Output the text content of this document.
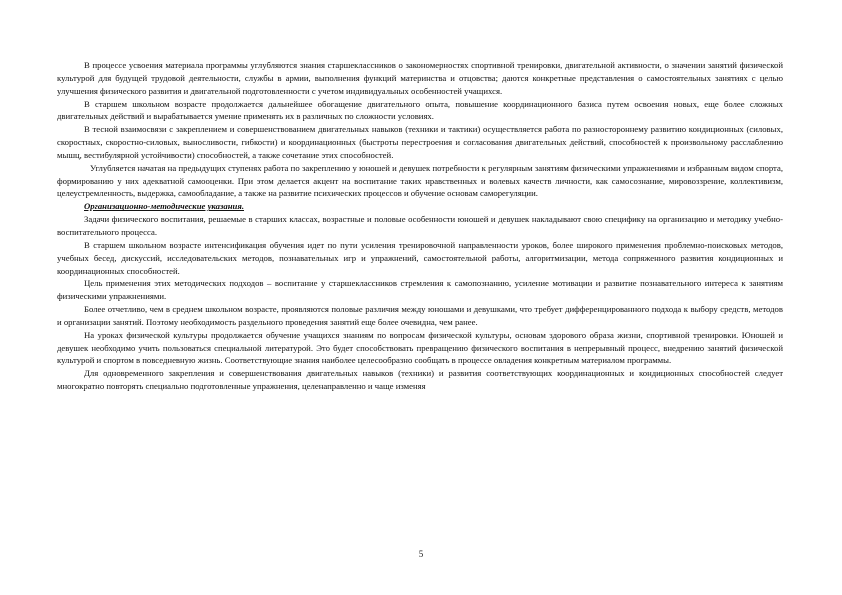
В процессе усвоения материала программы углубляются знания старшеклассников о закономерностях спортивной тренировки, двигательной активности, о значении занятий физической культурой для будущей трудовой деятельности, службы в армии, выполнения функций материнства и отцовства; даются конкретные представления о самостоятельных занятиях с целью улучшения физического развития и двигательной подготовленности с учетом индивидуальных особенностей учащихся.

В старшем школьном возрасте продолжается дальнейшее обогащение двигательного опыта, повышение координационного базиса путем освоения новых, еще более сложных двигательных действий и вырабатывается умение применять их в различных по сложности условиях.

В тесной взаимосвязи с закреплением и совершенствованием двигательных навыков (техники и тактики) осуществляется работа по разностороннему развитию кондиционных (силовых, скоростных, скоростно-силовых, выносливости, гибкости) и координационных (быстроты перестроения и согласования двигательных действий, способностей к произвольному расслаблению мышц, вестибулярной устойчивости) способностей, а также сочетание этих способностей.

Углубляется начатая на предыдущих ступенях работа по закреплению у юношей и девушек потребности к регулярным занятиям физическими упражнениями и избранным видом спорта, формированию у них адекватной самооценки. При этом делается акцент на воспитание таких нравственных и волевых качеств личности, как самосознание, мировоззрение, коллективизм, целеустремленность, выдержка, самообладание, а также на развитие психических процессов и обучение основам саморегуляции.

Организационно-методические указания.

Задачи физического воспитания, решаемые в старших классах, возрастные и половые особенности юношей и девушек накладывают свою специфику на организацию и методику учебно-воспитательного процесса.

В старшем школьном возрасте интенсификация обучения идет по пути усиления тренировочной направленности уроков, более широкого применения проблемно-поисковых методов, учебных бесед, дискуссий, исследовательских методов, познавательных игр и упражнений, самостоятельной работы, алгоритмизации, метода сопряженного развития кондиционных и координационных способностей.

Цель применения этих методических подходов – воспитание у старшеклассников стремления к самопознанию, усиление мотивации и развитие познавательного интереса к занятиям физическими упражнениями.

Более отчетливо, чем в среднем школьном возрасте, проявляются половые различия между юношами и девушками, что требует дифференцированного подхода к выбору средств, методов и организации занятий. Поэтому необходимость раздельного проведения занятий еще более очевидна, чем ранее.

На уроках физической культуры продолжается обучение учащихся знаниям по вопросам физической культуры, основам здорового образа жизни, спортивной тренировки. Юношей и девушек необходимо учить пользоваться специальной литературой. Это будет способствовать превращению физического воспитания в непрерывный процесс, внедрению занятий физической культурой и спортом в повседневную жизнь. Соответствующие знания наиболее целесообразно сообщать в процессе овладения конкретным материалом программы.

Для одновременного закрепления и совершенствования двигательных навыков (техники) и развития соответствующих координационных и кондиционных способностей следует многократно повторять специально подготовленные упражнения, целенаправленно и чаще изменяя

5
